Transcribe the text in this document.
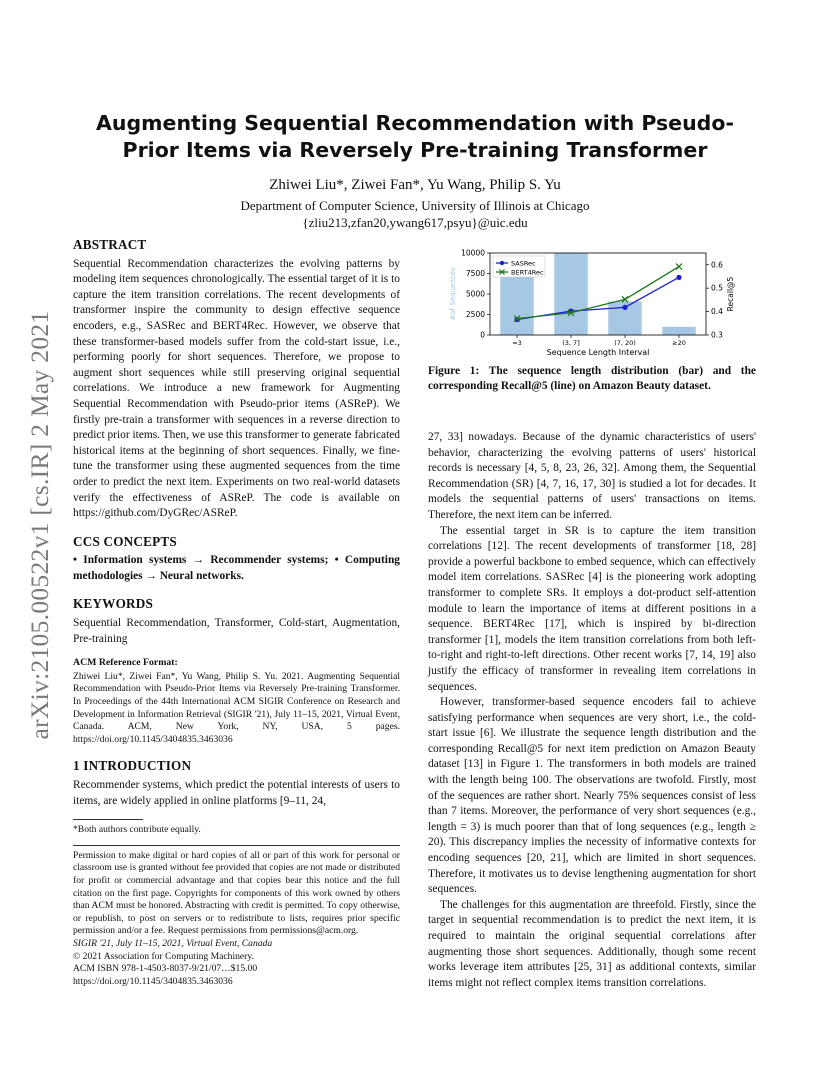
arXiv:2105.00522v1 [cs.IR] 2 May 2021
Augmenting Sequential Recommendation with Pseudo-Prior Items via Reversely Pre-training Transformer
Zhiwei Liu*, Ziwei Fan*, Yu Wang, Philip S. Yu
Department of Computer Science, University of Illinois at Chicago
{zliu213,zfan20,ywang617,psyu}@uic.edu
ABSTRACT

Sequential Recommendation characterizes the evolving patterns by modeling item sequences chronologically. The essential target of it is to capture the item transition correlations. The recent developments of transformer inspire the community to design effective sequence encoders, e.g., SASRec and BERT4Rec. However, we observe that these transformer-based models suffer from the cold-start issue, i.e., performing poorly for short sequences. Therefore, we propose to augment short sequences while still preserving original sequential correlations. We introduce a new framework for Augmenting Sequential Recommendation with Pseudo-prior items (ASReP). We firstly pre-train a transformer with sequences in a reverse direction to predict prior items. Then, we use this transformer to generate fabricated historical items at the beginning of short sequences. Finally, we fine-tune the transformer using these augmented sequences from the time order to predict the next item. Experiments on two real-world datasets verify the effectiveness of ASReP. The code is available on https://github.com/DyGRec/ASReP.

CCS CONCEPTS

• Information systems → Recommender systems; • Computing methodologies → Neural networks.

KEYWORDS

Sequential Recommendation, Transformer, Cold-start, Augmentation, Pre-training

ACM Reference Format:

Zhiwei Liu*, Ziwei Fan*, Yu Wang, Philip S. Yu. 2021. Augmenting Sequential Recommendation with Pseudo-Prior Items via Reversely Pre-training Transformer. In Proceedings of the 44th International ACM SIGIR Conference on Research and Development in Information Retrieval (SIGIR '21), July 11–15, 2021, Virtual Event, Canada. ACM, New York, NY, USA, 5 pages. https://doi.org/10.1145/3404835.3463036

1 INTRODUCTION

Recommender systems, which predict the potential interests of users to items, are widely applied in online platforms [9–11, 24,

*Both authors contribute equally.

Permission to make digital or hard copies of all or part of this work for personal or classroom use is granted without fee provided that copies are not made or distributed for profit or commercial advantage and that copies bear this notice and the full citation on the first page. Copyrights for components of this work owned by others than ACM must be honored. Abstracting with credit is permitted. To copy otherwise, or republish, to post on servers or to redistribute to lists, requires prior specific permission and/or a fee. Request permissions from permissions@acm.org.

SIGIR '21, July 11–15, 2021, Virtual Event, Canada

© 2021 Association for Computing Machinery.

ACM ISBN 978-1-4503-8037-9/21/07…$15.00

https://doi.org/10.1145/3404835.3463036

0
2500
5000
7500
10000
0.3
0.4
0.5
0.6
=3	(3, 7]	(7, 20)	≥20
Sequence Length Interval
#of Sequences	Recall@5
SASRec
BERT4Rec
Figure 1: The sequence length distribution (bar) and the corresponding Recall@5 (line) on Amazon Beauty dataset.

27, 33] nowadays. Because of the dynamic characteristics of users' behavior, characterizing the evolving patterns of users' historical records is necessary [4, 5, 8, 23, 26, 32]. Among them, the Sequential Recommendation (SR) [4, 7, 16, 17, 30] is studied a lot for decades. It models the sequential patterns of users' transactions on items. Therefore, the next item can be inferred.

The essential target in SR is to capture the item transition correlations [12]. The recent developments of transformer [18, 28] provide a powerful backbone to embed sequence, which can effectively model item correlations. SASRec [4] is the pioneering work adopting transformer to complete SRs. It employs a dot-product self-attention module to learn the importance of items at different positions in a sequence. BERT4Rec [17], which is inspired by bi-direction transformer [1], models the item transition correlations from both left-to-right and right-to-left directions. Other recent works [7, 14, 19] also justify the efficacy of transformer in revealing item correlations in sequences.

However, transformer-based sequence encoders fail to achieve satisfying performance when sequences are very short, i.e., the cold-start issue [6]. We illustrate the sequence length distribution and the corresponding Recall@5 for next item prediction on Amazon Beauty dataset [13] in Figure 1. The transformers in both models are trained with the length being 100. The observations are twofold. Firstly, most of the sequences are rather short. Nearly 75% sequences consist of less than 7 items. Moreover, the performance of very short sequences (e.g., length = 3) is much poorer than that of long sequences (e.g., length ≥ 20). This discrepancy implies the necessity of informative contexts for encoding sequences [20, 21], which are limited in short sequences. Therefore, it motivates us to devise lengthening augmentation for short sequences.

The challenges for this augmentation are threefold. Firstly, since the target in sequential recommendation is to predict the next item, it is required to maintain the original sequential correlations after augmenting those short sequences. Additionally, though some recent works leverage item attributes [25, 31] as additional contexts, similar items might not reflect complex items transition correlations.
